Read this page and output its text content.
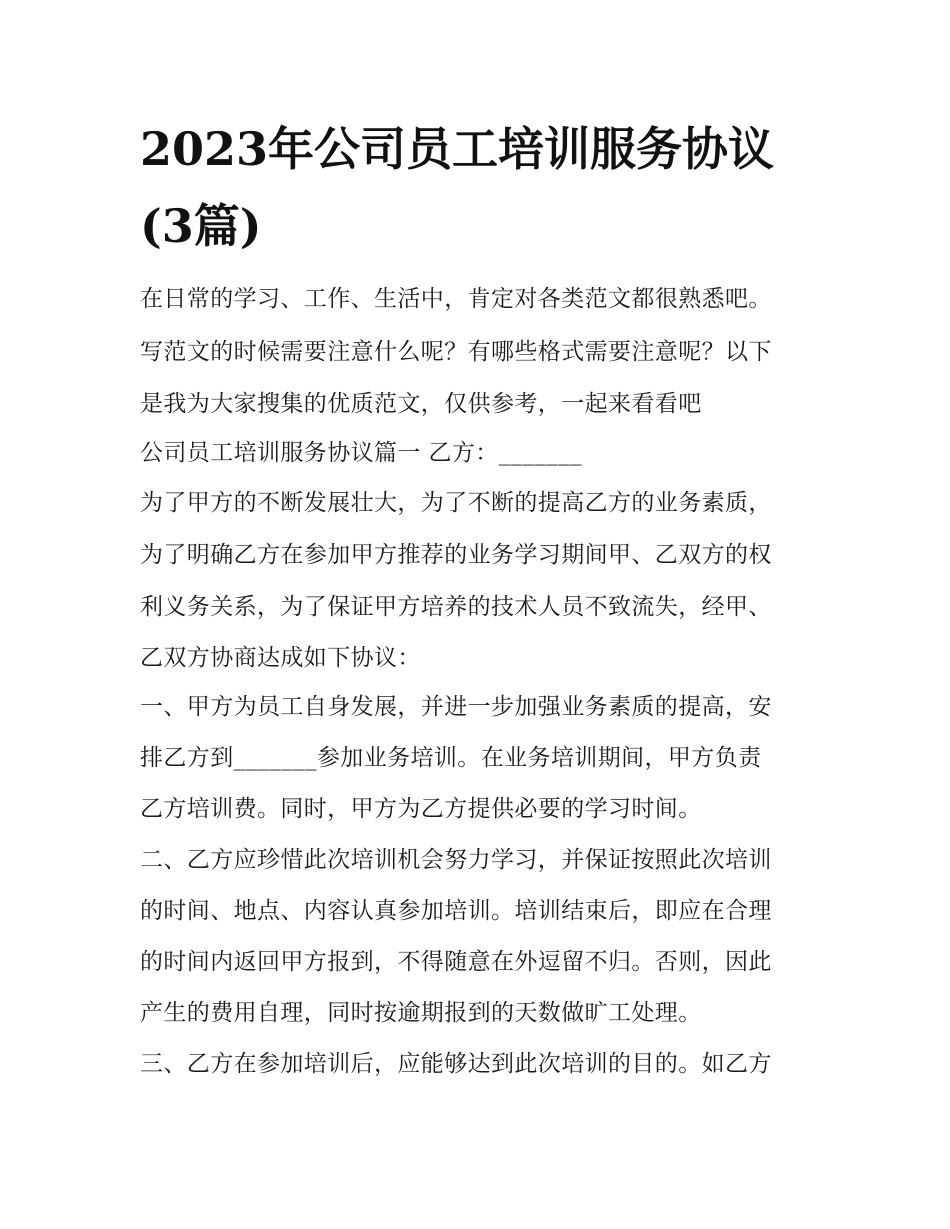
2023年公司员工培训服务协议
(3篇)

在日常的学习、工作、生活中，肯定对各类范文都很熟悉吧。

写范文的时候需要注意什么呢？有哪些格式需要注意呢？以下

是我为大家搜集的优质范文，仅供参考，一起来看看吧

公司员工培训服务协议篇一 乙方：_______

为了甲方的不断发展壮大，为了不断的提高乙方的业务素质，

为了明确乙方在参加甲方推荐的业务学习期间甲、乙双方的权

利义务关系，为了保证甲方培养的技术人员不致流失，经甲、

乙双方协商达成如下协议：

一、甲方为员工自身发展，并进一步加强业务素质的提高，安

排乙方到_______参加业务培训。在业务培训期间，甲方负责

乙方培训费。同时，甲方为乙方提供必要的学习时间。

二、乙方应珍惜此次培训机会努力学习，并保证按照此次培训

的时间、地点、内容认真参加培训。培训结束后，即应在合理

的时间内返回甲方报到，不得随意在外逗留不归。否则，因此

产生的费用自理，同时按逾期报到的天数做旷工处理。

三、乙方在参加培训后，应能够达到此次培训的目的。如乙方
